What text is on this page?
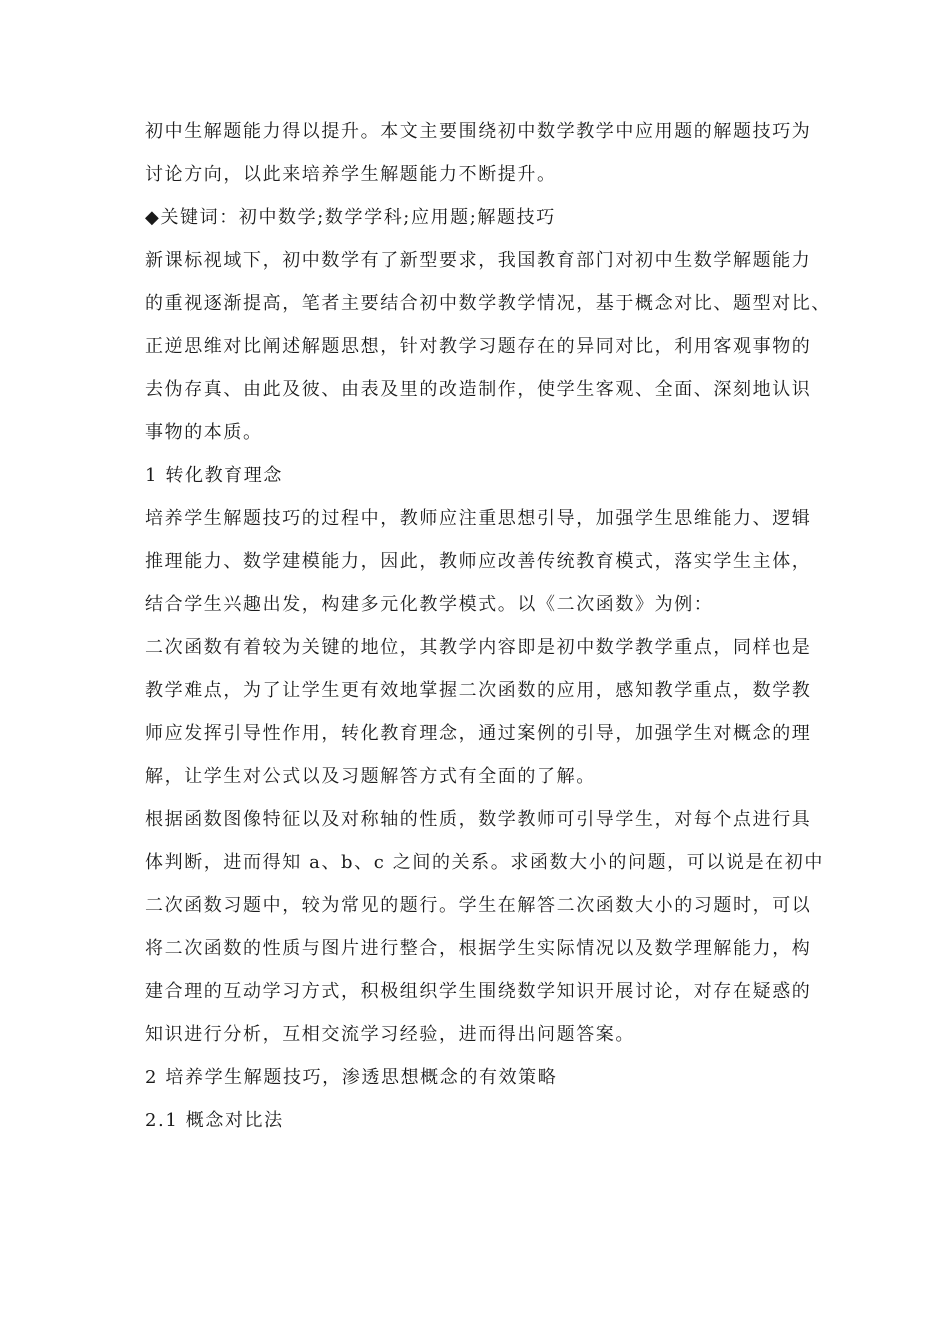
初中生解题能力得以提升。本文主要围绕初中数学教学中应用题的解题技巧为
讨论方向，以此来培养学生解题能力不断提升。
◆关键词：初中数学;数学学科;应用题;解题技巧
新课标视域下，初中数学有了新型要求，我国教育部门对初中生数学解题能力
的重视逐渐提高，笔者主要结合初中数学教学情况，基于概念对比、题型对比、
正逆思维对比阐述解题思想，针对教学习题存在的异同对比，利用客观事物的
去伪存真、由此及彼、由表及里的改造制作，使学生客观、全面、深刻地认识
事物的本质。
1 转化教育理念
培养学生解题技巧的过程中，教师应注重思想引导，加强学生思维能力、逻辑
推理能力、数学建模能力，因此，教师应改善传统教育模式，落实学生主体，
结合学生兴趣出发，构建多元化教学模式。以《二次函数》为例：
二次函数有着较为关键的地位，其教学内容即是初中数学教学重点，同样也是
教学难点，为了让学生更有效地掌握二次函数的应用，感知教学重点，数学教
师应发挥引导性作用，转化教育理念，通过案例的引导，加强学生对概念的理
解，让学生对公式以及习题解答方式有全面的了解。
根据函数图像特征以及对称轴的性质，数学教师可引导学生，对每个点进行具
体判断，进而得知 a、b、c 之间的关系。求函数大小的问题，可以说是在初中
二次函数习题中，较为常见的题行。学生在解答二次函数大小的习题时，可以
将二次函数的性质与图片进行整合，根据学生实际情况以及数学理解能力，构
建合理的互动学习方式，积极组织学生围绕数学知识开展讨论，对存在疑惑的
知识进行分析，互相交流学习经验，进而得出问题答案。
2 培养学生解题技巧，渗透思想概念的有效策略
2.1 概念对比法
